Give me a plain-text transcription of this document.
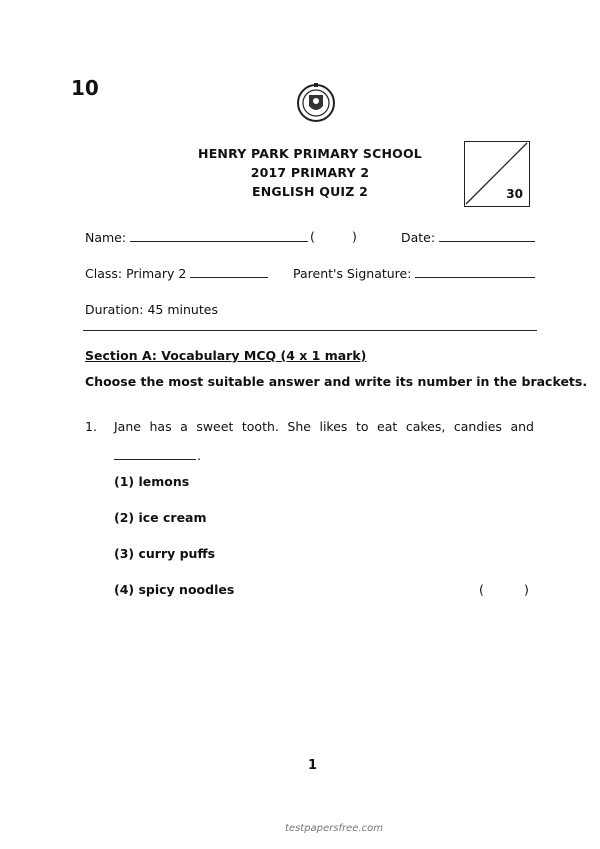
10
HENRY PARK PRIMARY SCHOOL
2017 PRIMARY 2
ENGLISH QUIZ 2	30
Name:	(	)	Date:
Class: Primary 2	Parent's Signature:
Duration: 45 minutes
Section A: Vocabulary MCQ (4 x 1 mark)
Choose the most suitable answer and write its number in the brackets.
1. Jane has a sweet tooth. She likes to eat cakes, candies and
.
(1) lemons
(2) ice cream
(3) curry puffs
(4) spicy noodles	(	)
1
testpapersfree.com
